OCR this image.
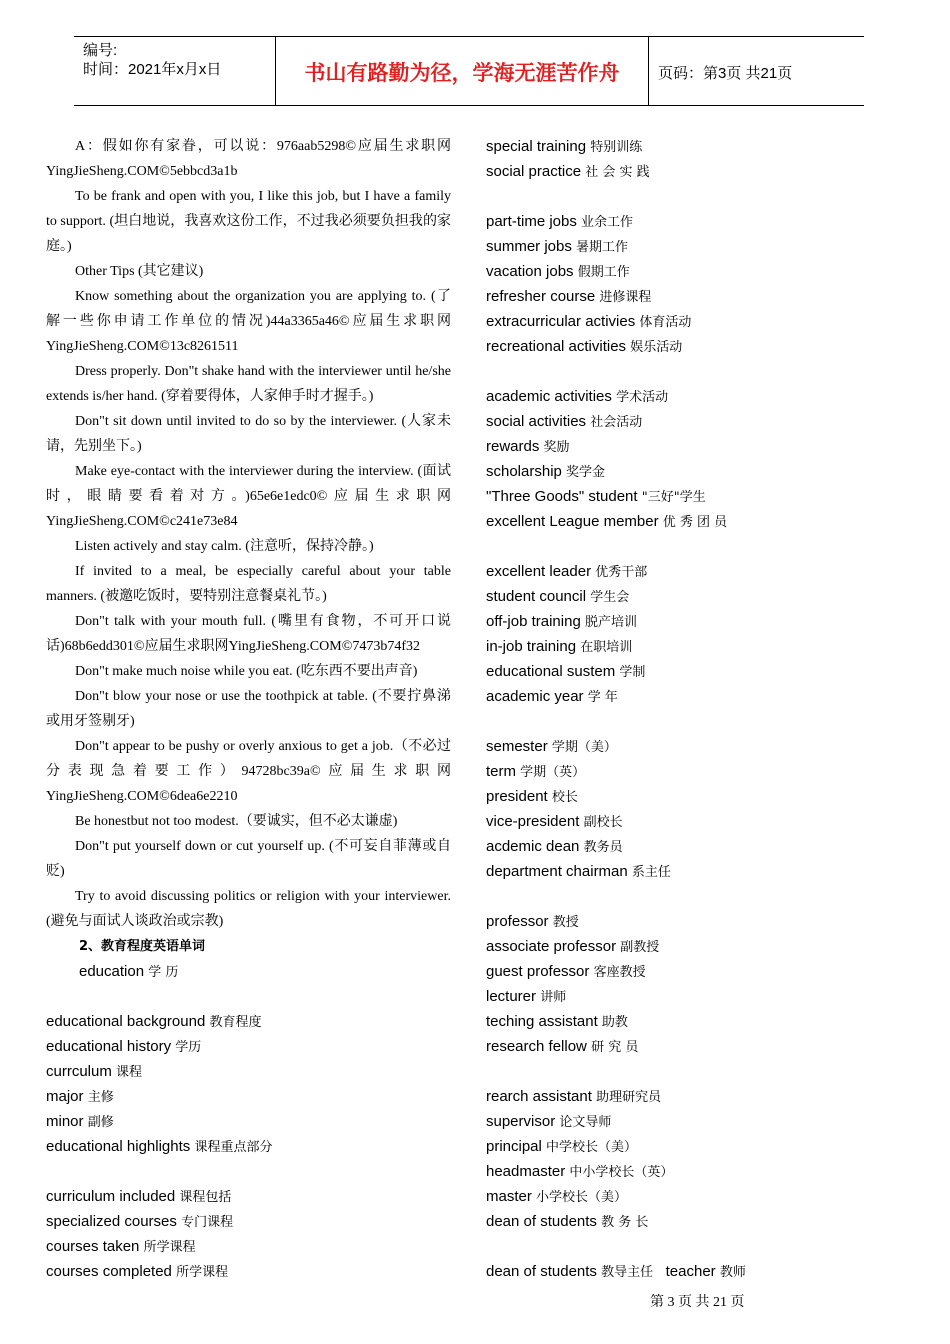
编号:
时间：2021年x月x日	书山有路勤为径，学海无涯苦作舟	页码：第3页 共21页

A：假如你有家眷，可以说：976aab5298©应届生求职网YingJieSheng.COM©5ebbcd3a1b

To be frank and open with you, I like this job, but I have a family to support. (坦白地说，我喜欢这份工作，不过我必须要负担我的家庭。)

Other Tips (其它建议)

Know something about the organization you are applying to. (了解一些你申请工作单位的情况)44a3365a46©应届生求职网YingJieSheng.COM©13c8261511

Dress properly. Don"t shake hand with the interviewer until he/she extends is/her hand. (穿着要得体，人家伸手时才握手。)

Don"t sit down until invited to do so by the interviewer. (人家未请，先别坐下。)

Make eye-contact with the interviewer during the interview. (面试时，眼睛要看着对方。)65e6e1edc0©应届生求职网YingJieSheng.COM©c241e73e84

Listen actively and stay calm. (注意听，保持冷静。)

If invited to a meal, be especially careful about your table manners. (被邀吃饭时，要特别注意餐桌礼节。)

Don"t talk with your mouth full. (嘴里有食物，不可开口说话)68b6edd301©应届生求职网YingJieSheng.COM©7473b74f32

Don"t make much noise while you eat. (吃东西不要出声音)

Don"t blow your nose or use the toothpick at table. (不要拧鼻涕或用牙签剔牙)

Don"t appear to be pushy or overly anxious to get a job.（不必过分表现急着要工作）94728bc39a©应届生求职网YingJieSheng.COM©6dea6e2210

Be honestbut not too modest.（要诚实，但不必太谦虚)

Don"t put yourself down or cut yourself up. (不可妄自菲薄或自贬)

Try to avoid discussing politics or religion with your interviewer. (避免与面试人谈政治或宗教)

2、教育程度英语单词

education 学 历

educational background 教育程度

educational history 学历

currculum 课程

major 主修

minor 副修

educational highlights 课程重点部分

curriculum included 课程包括

specialized courses 专门课程

courses taken 所学课程

courses completed 所学课程

special training 特别训练

social practice 社 会 实 践

part-time jobs 业余工作

summer jobs 暑期工作

vacation jobs 假期工作

refresher course 进修课程

extracurricular activies 体育活动

recreational activities 娱乐活动

academic activities 学术活动

social activities 社会活动

rewards 奖励

scholarship 奖学金

"Three Goods" student "三好"学生

excellent League member 优 秀 团 员

excellent leader 优秀干部

student council 学生会

off-job training 脱产培训

in-job training 在职培训

educational sustem 学制

academic year 学 年

semester 学期（美）

term 学期（英）

president 校长

vice-president 副校长

acdemic dean 教务员

department chairman 系主任

professor 教授

associate professor 副教授

guest professor 客座教授

lecturer 讲师

teching assistant 助教

research fellow 研 究 员

rearch assistant 助理研究员

supervisor 论文导师

principal 中学校长（美）

headmaster 中小学校长（英）

master 小学校长（美）

dean of students 教 务 长

dean of students 教导主任 teacher 教师

第 3 页 共 21 页
